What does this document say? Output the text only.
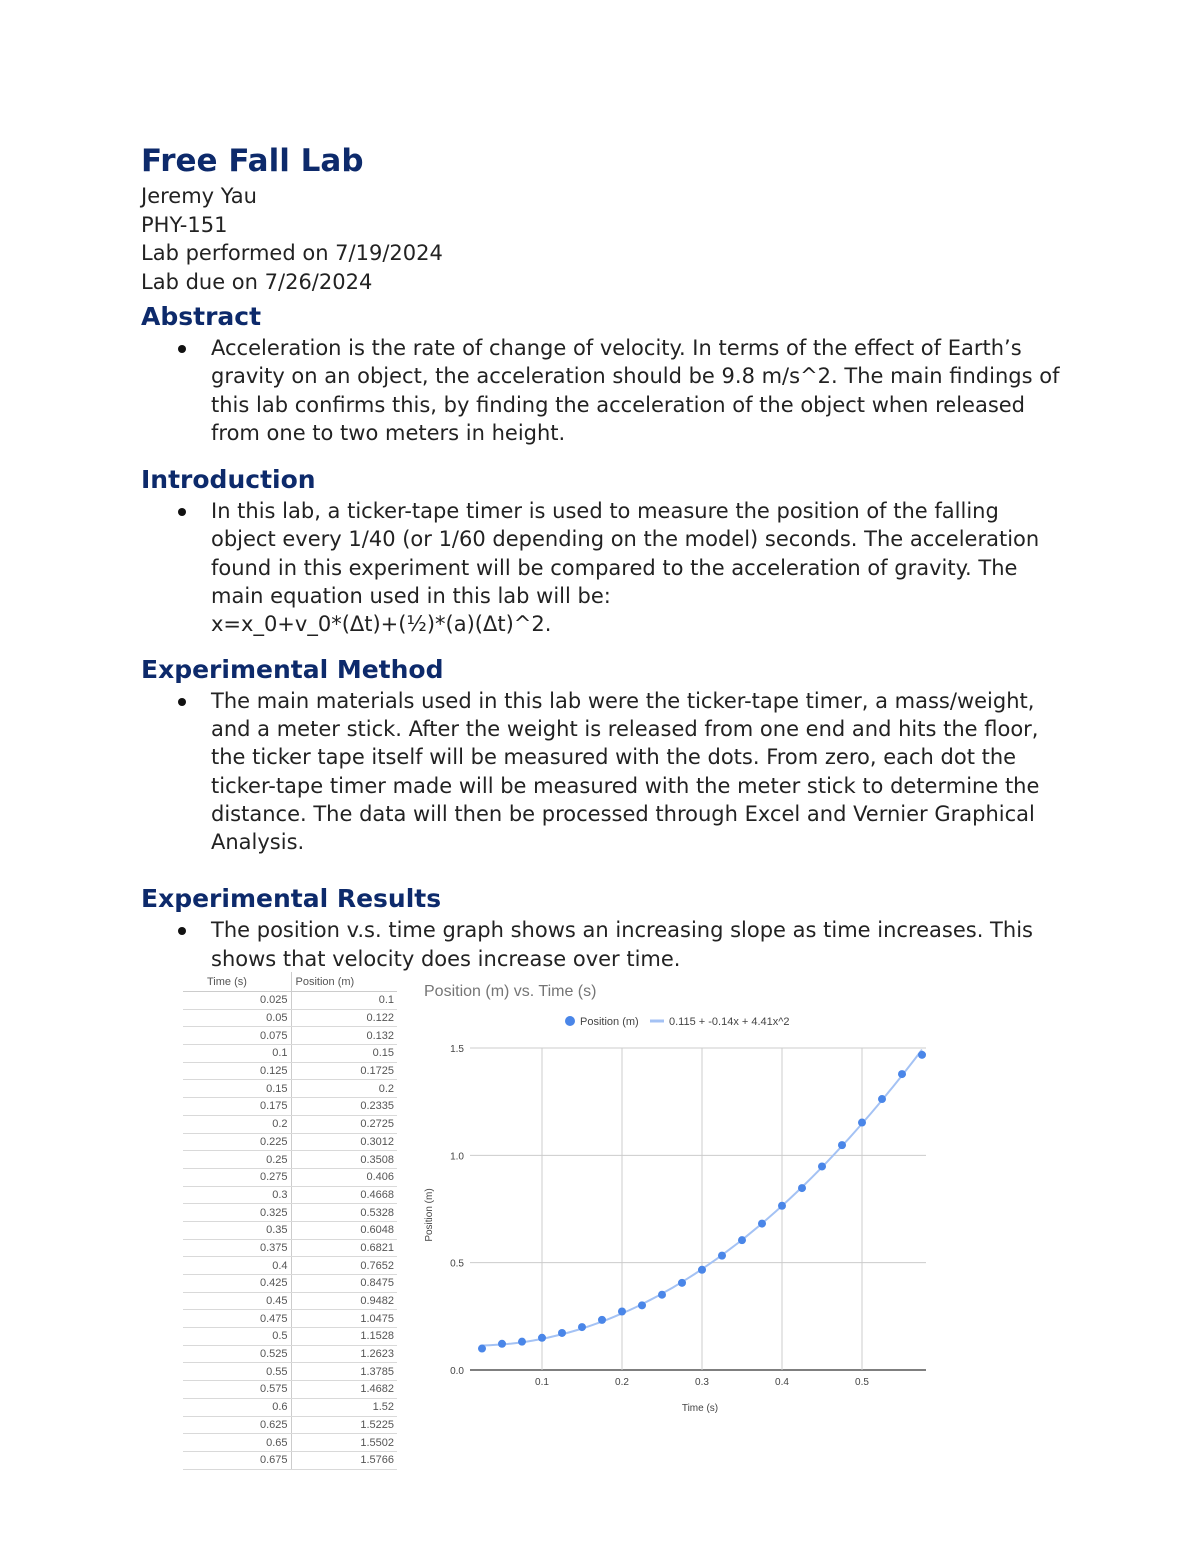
Free Fall Lab
Jeremy Yau
PHY-151
Lab performed on 7/19/2024
Lab due on 7/26/2024
Abstract
Acceleration is the rate of change of velocity. In terms of the effect of Earth’s gravity on an object, the acceleration should be 9.8 m/s^2. The main findings of this lab confirms this, by finding the acceleration of the object when released from one to two meters in height.
Introduction
In this lab, a ticker-tape timer is used to measure the position of the falling object every 1/40 (or 1/60 depending on the model) seconds. The acceleration found in this experiment will be compared to the acceleration of gravity. The main equation used in this lab will be:
x=x_0+v_0*(Δt)+(½)*(a)(Δt)^2.
Experimental Method
The main materials used in this lab were the ticker-tape timer, a mass/weight, and a meter stick. After the weight is released from one end and hits the floor, the ticker tape itself will be measured with the dots. From zero, each dot the ticker-tape timer made will be measured with the meter stick to determine the distance. The data will then be processed through Excel and Vernier Graphical Analysis.
Experimental Results
The position v.s. time graph shows an increasing slope as time increases. This shows that velocity does increase over time.
Time (s)	Position (m)
0.025	0.1
0.05	0.122
0.075	0.132
0.1	0.15
0.125	0.1725
0.15	0.2
0.175	0.2335
0.2	0.2725
0.225	0.3012
0.25	0.3508
0.275	0.406
0.3	0.4668
0.325	0.5328
0.35	0.6048
0.375	0.6821
0.4	0.7652
0.425	0.8475
0.45	0.9482
0.475	1.0475
0.5	1.1528
0.525	1.2623
0.55	1.3785
0.575	1.4682
0.6	1.52
0.625	1.5225
0.65	1.5502
0.675	1.5766
Position (m) vs. Time (s)
Position (m)	0.115 + -0.14x + 4.41x^2
0.0
0.5
1.0
1.5
0.1	0.2	0.3	0.4	0.5
Position (m)
Time (s)
